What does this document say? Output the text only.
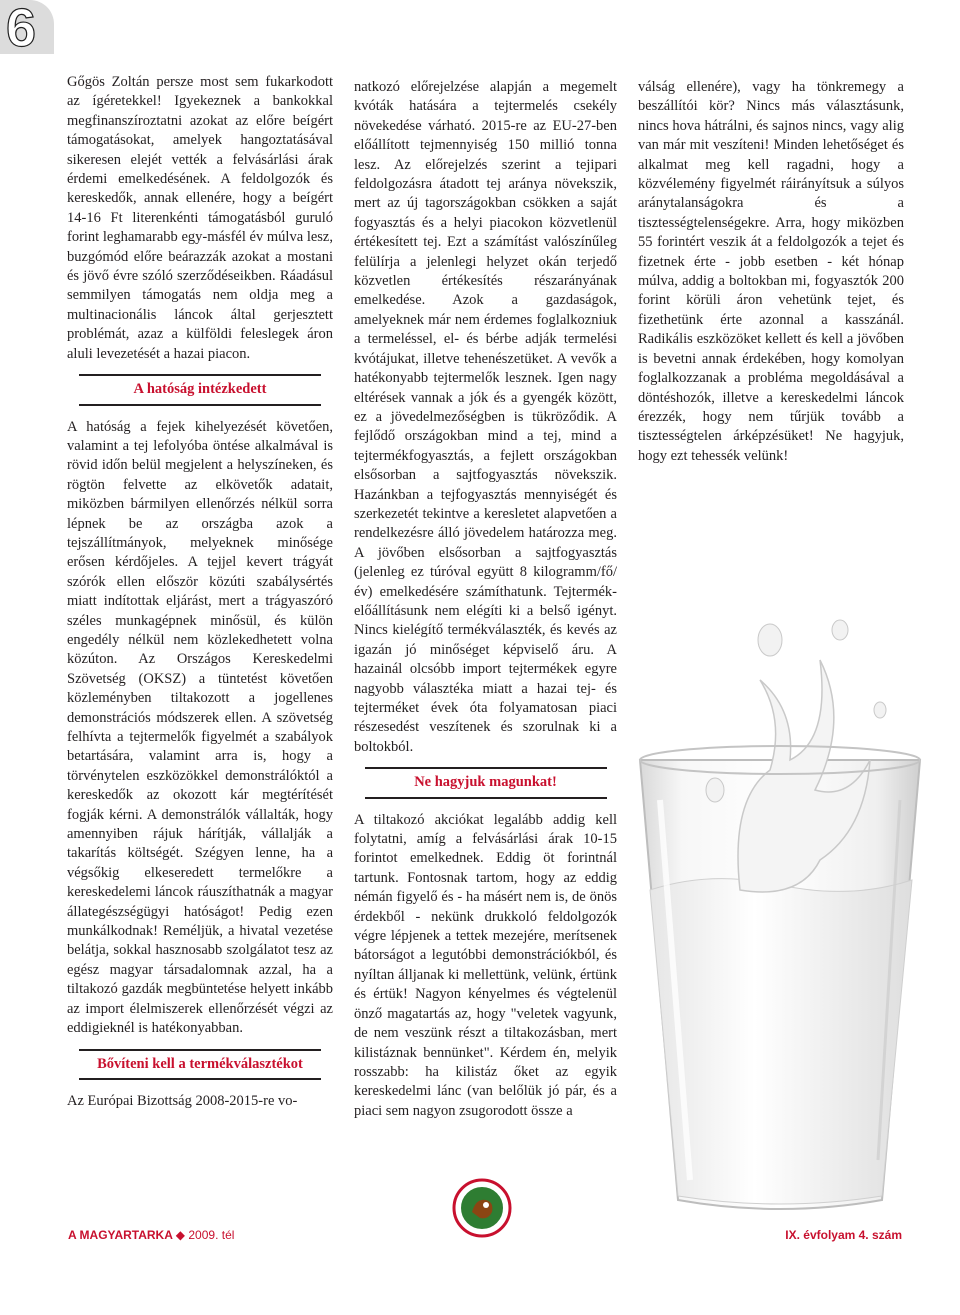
6

Gőgös Zoltán persze most sem fukarkodott az ígéretekkel! Igyekeznek a bankokkal megfinanszíroztatni azokat az előre beígért támogatásokat, amelyek hangoztatásával sikeresen elejét vették a felvásárlási árak érdemi emelkedésének. A feldolgozók és kereskedők, annak ellenére, hogy a beígért 14-16 Ft literenkénti támogatásból guruló forint leghamarabb egy-másfél év múlva lesz, buzgómód előre beárazzák azokat a mostani és jövő évre szóló szerződéseikben. Ráadásul semmilyen támogatás nem oldja meg a multinacionális láncok által gerjesztett problémát, azaz a külföldi feleslegek áron aluli levezetését a hazai piacon.

A hatóság intézkedett

A hatóság a fejek kihelyezését követően, valamint a tej lefolyóba öntése alkalmával is rövid időn belül megjelent a helyszíneken, és rögtön felvette az elkövetők adatait, miközben bármilyen ellenőrzés nélkül sorra lépnek be az országba azok a tejszállítmányok, melyeknek minősége erősen kérdőjeles. A tejjel kevert trágyát szórók ellen először közúti szabálysértés miatt indítottak eljárást, mert a trágyaszóró széles munkagépnek minősül, és külön engedély nélkül nem közlekedhetett volna közúton. Az Országos Kereskedelmi Szövetség (OKSZ) a tüntetést követően közleményben tiltakozott a jogellenes demonstrációs módszerek ellen. A szövetség felhívta a tejtermelők figyelmét a szabályok betartására, valamint arra is, hogy a törvénytelen eszközökkel demonstrálóktól a kereskedők az okozott kár megtérítését fogják kérni. A demonstrálók vállalták, hogy amennyiben rájuk hárítják, vállalják a takarítás költségét. Szégyen lenne, ha a végsőkig elkeseredett termelőkre a kereskedelemi láncok ráuszíthatnák a magyar állategészségügyi hatóságot! Pedig ezen munkálkodnak! Reméljük, a hivatal vezetése belátja, sokkal hasznosabb szolgálatot tesz az egész magyar társadalomnak azzal, ha a tiltakozó gazdák megbüntetése helyett inkább az import élelmiszerek ellenőrzését végzi az eddigieknél is hatékonyabban.

Bővíteni kell a termékválasztékot

Az Európai Bizottság 2008-2015-re vo-

natkozó előrejelzése alapján a megemelt kvóták hatására a tejtermelés csekély növekedése várható. 2015-re az EU-27-ben előállított tejmennyiség 150 millió tonna lesz. Az előrejelzés szerint a tejipari feldolgozásra átadott tej aránya növekszik, mert az új tagországokban csökken a saját fogyasztás és a helyi piacokon közvetlenül értékesített tej. Ezt a számítást valószínűleg felülírja a jelenlegi helyzet okán terjedő közvetlen értékesítés részarányának emelkedése. Azok a gazdaságok, amelyeknek már nem érdemes foglalkozniuk a termeléssel, el- és bérbe adják termelési kvótájukat, illetve tehenészetüket. A vevők a hatékonyabb tejtermelők lesznek. Igen nagy eltérések vannak a jók és a gyengék között, ez a jövedelmezőségben is tükröződik. A fejlődő országokban mind a tej, mind a tejtermékfogyasztás, a fejlett országokban elsősorban a sajtfogyasztás növekszik. Hazánkban a tejfogyasztás mennyiségét és szerkezetét tekintve a keresletet alapvetően a rendelkezésre álló jövedelem határozza meg. A jövőben elsősorban a sajtfogyasztás (jelenleg ez túróval együtt 8 kilogramm/fő/év) emelkedésére számíthatunk. Tejtermék-előállításunk nem elégíti ki a belső igényt. Nincs kielégítő termékválaszték, és kevés az igazán jó minőséget képviselő áru. A hazainál olcsóbb import tejtermékek egyre nagyobb választéka miatt a hazai tej- és tejterméket évek óta folyamatosan piaci részesedést veszítenek és szorulnak ki a boltokból.

Ne hagyjuk magunkat!

A tiltakozó akciókat legalább addig kell folytatni, amíg a felvásárlási árak 10-15 forintot emelkednek. Eddig öt forintnál tartunk. Fontosnak tartom, hogy az eddig némán figyelő és - ha másért nem is, de önös érdekből - nekünk drukkoló feldolgozók végre lépjenek a tettek mezejére, merítsenek bátorságot a legutóbbi demonstrációkból, és nyíltan álljanak ki mellettünk, velünk, értünk és értük! Nagyon kényelmes és végtelenül önző magatartás az, hogy "veletek vagyunk, de nem veszünk részt a tiltakozásban, mert kilistáznak bennünket". Kérdem én, melyik rosszabb: ha kilistáz őket az egyik kereskedelmi lánc (van belőlük jó pár, és a piaci sem nagyon zsugorodott össze a

válság ellenére), vagy ha tönkremegy a beszállítói kör? Nincs más választásunk, nincs hova hátrálni, és sajnos nincs, vagy alig van már mit veszíteni! Minden lehetőséget és alkalmat meg kell ragadni, hogy a közvélemény figyelmét ráirányítsuk a súlyos aránytalanságokra és a tisztességtelenségekre. Arra, hogy miközben 55 forintért veszik át a feldolgozók a tejet és fizetnek érte - jobb esetben - két hónap múlva, addig a boltokban mi, fogyasztók 200 forint körüli áron vehetünk tejet, és fizethetünk érte azonnal a kasszánál. Radikális eszközöket kellett és kell a jövőben is bevetni annak érdekében, hogy komolyan foglalkozzanak a probléma megoldásával a döntéshozók, illetve a kereskedelmi láncok érezzék, hogy nem tűrjük tovább a tisztességtelen árképzésüket! Ne hagyjuk, hogy ezt tehessék velünk!

A MAGYARTARKA ◆ 2009. tél	IX. évfolyam 4. szám
